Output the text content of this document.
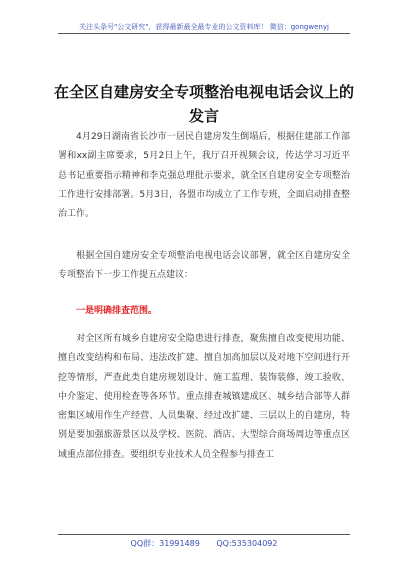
关注头条号"公文研究"，获得最新最全最专业的公文资料库！ 微信：gongwenyj
在全区自建房安全专项整治电视电话会议上的
发言

4月29日湖南省长沙市一居民自建房发生倒塌后，根据住建部工作部署和xx副主席要求，5月2日上午，我厅召开视频会议，传达学习习近平总书记重要指示精神和李克强总理批示要求，就全区自建房安全专项整治工作进行安排部署。5月3日，各盟市均成立了工作专班，全面启动排查整治工作。

根据全国自建房安全专项整治电视电话会议部署，就全区自建房安全专项整治下一步工作提五点建议：

一是明确排查范围。

对全区所有城乡自建房安全隐患进行排查，聚焦擅自改变使用功能、擅自改变结构和布局、违法改扩建、擅自加高加层以及对地下空间进行开挖等情形，严查此类自建房规划设计、施工监理、装饰装修、竣工验收、中介鉴定、使用检查等各环节。重点排查城镇建成区、城乡结合部等人群密集区域用作生产经营、人员集聚、经过改扩建、三层以上的自建房，特别是要加强旅游景区以及学校、医院、酒店、大型综合商场周边等重点区域重点部位排查。要组织专业技术人员全程参与排查工

QQ群：31991489 QQ:535304092
